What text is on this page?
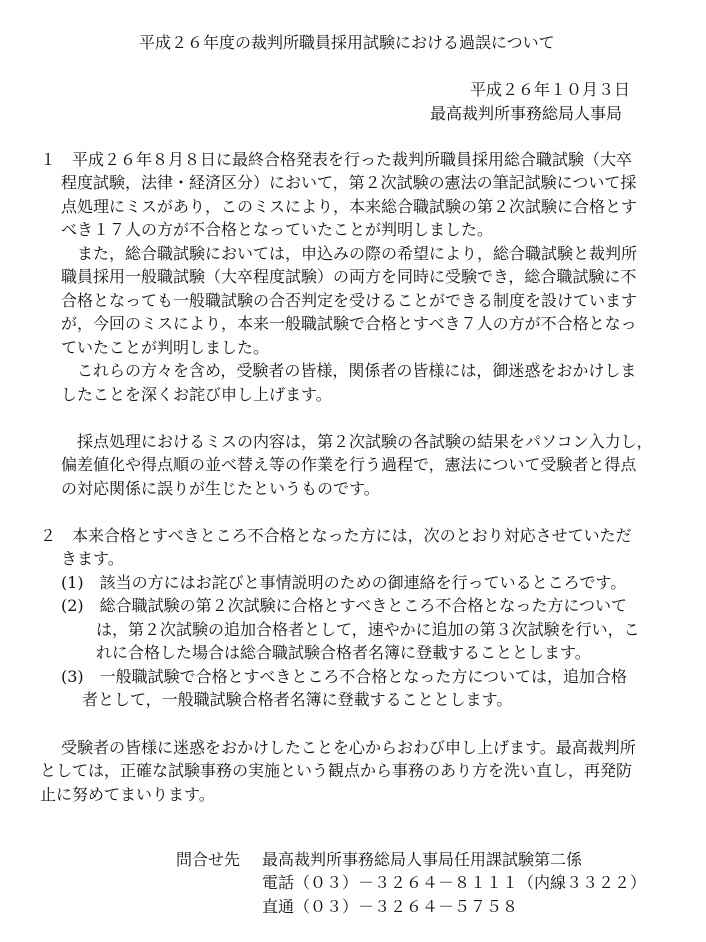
平成２６年度の裁判所職員採用試験における過誤について
平成２６年１０月３日
最高裁判所事務総局人事局
１　平成２６年８月８日に最終合格発表を行った裁判所職員採用総合職試験（大卒
程度試験，法律・経済区分）において，第２次試験の憲法の筆記試験について採
点処理にミスがあり，このミスにより，本来総合職試験の第２次試験に合格とす
べき１７人の方が不合格となっていたことが判明しました。
また，総合職試験においては，申込みの際の希望により，総合職試験と裁判所
職員採用一般職試験（大卒程度試験）の両方を同時に受験でき，総合職試験に不
合格となっても一般職試験の合否判定を受けることができる制度を設けています
が，今回のミスにより，本来一般職試験で合格とすべき７人の方が不合格となっ
ていたことが判明しました。
これらの方々を含め，受験者の皆様，関係者の皆様には，御迷惑をおかけしま
したことを深くお詫び申し上げます。
採点処理におけるミスの内容は，第２次試験の各試験の結果をパソコン入力し，
偏差値化や得点順の並べ替え等の作業を行う過程で，憲法について受験者と得点
の対応関係に誤りが生じたというものです。
２　本来合格とすべきところ不合格となった方には，次のとおり対応させていただ
きます。
(1)　該当の方にはお詫びと事情説明のための御連絡を行っているところです。
(2)　総合職試験の第２次試験に合格とすべきところ不合格となった方について
は，第２次試験の追加合格者として，速やかに追加の第３次試験を行い，こ
れに合格した場合は総合職試験合格者名簿に登載することとします。
(3)　一般職試験で合格とすべきところ不合格となった方については，追加合格
者として，一般職試験合格者名簿に登載することとします。
受験者の皆様に迷惑をおかけしたことを心からおわび申し上げます。最高裁判所
としては，正確な試験事務の実施という観点から事務のあり方を洗い直し，再発防
止に努めてまいります。
問合せ先 最高裁判所事務総局人事局任用課試験第二係
電話（０３）－３２６４－８１１１（内線３３２２）
直通（０３）－３２６４－５７５８
